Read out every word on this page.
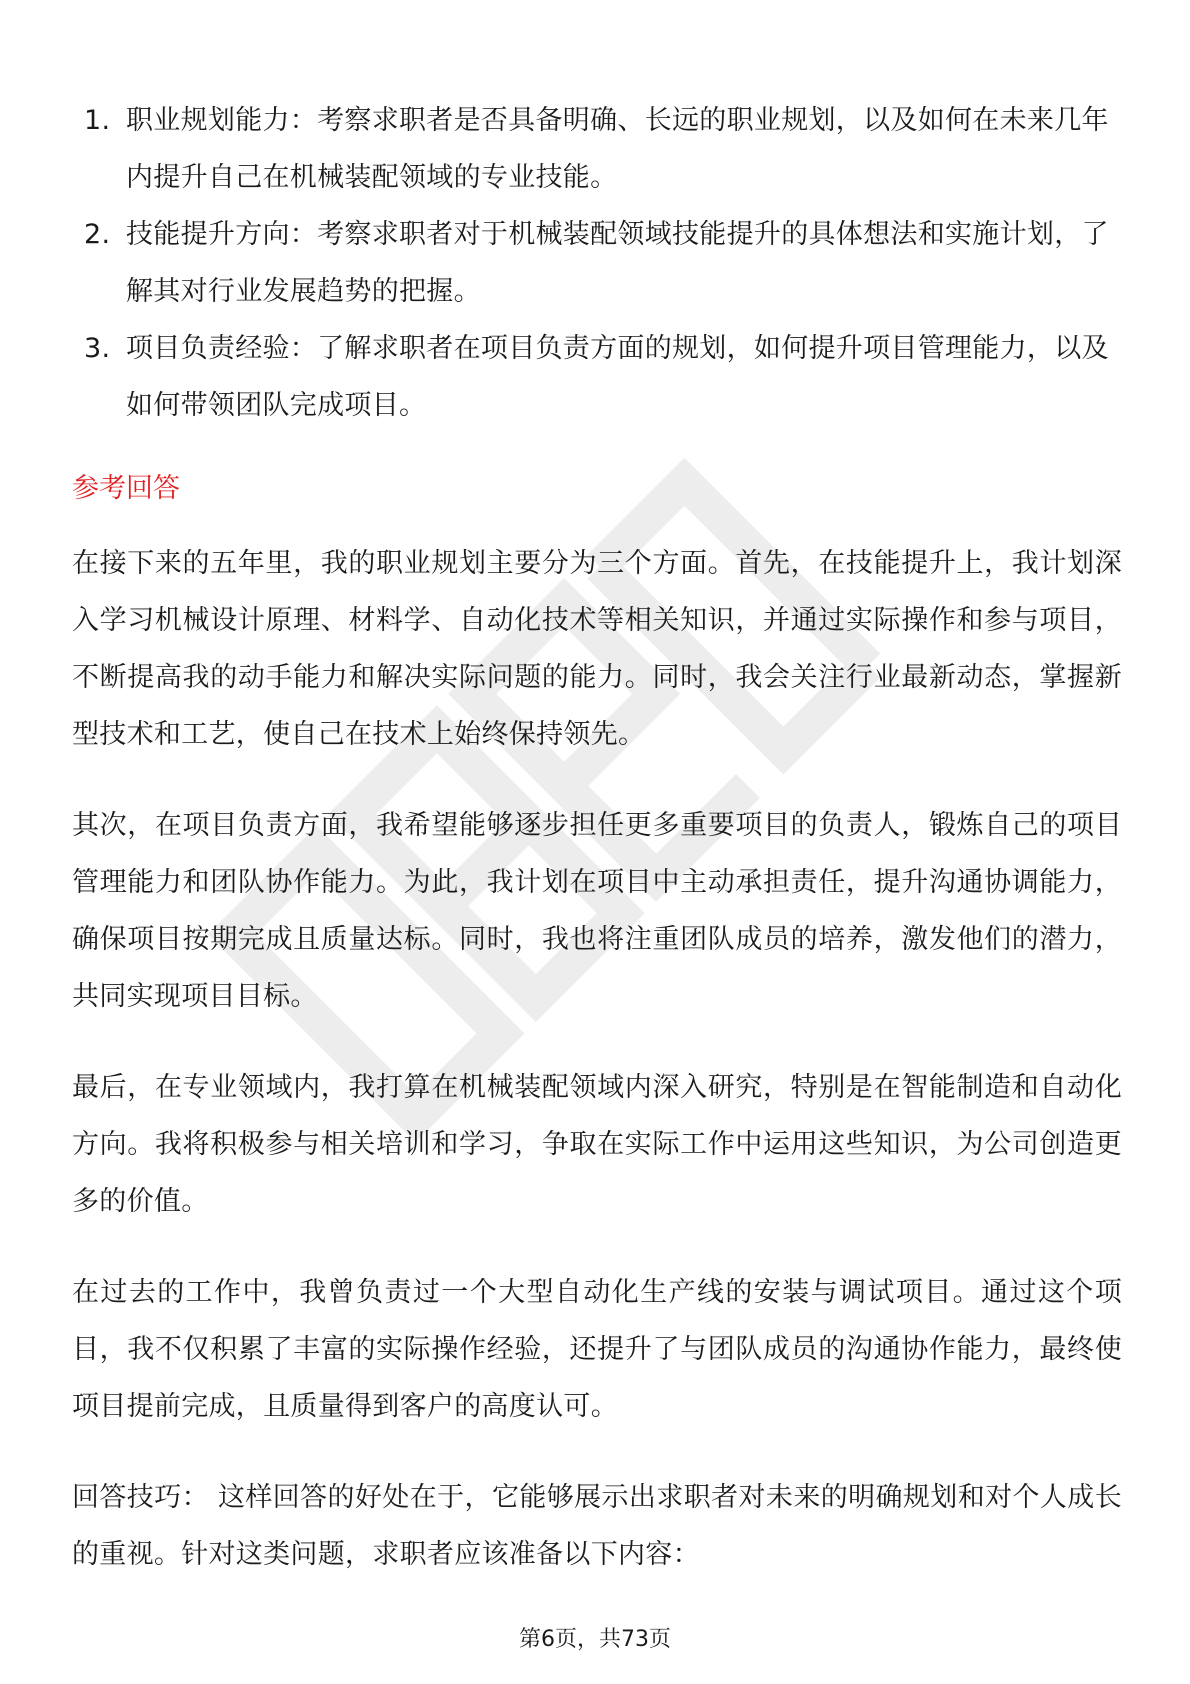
1. 职业规划能力：考察求职者是否具备明确、长远的职业规划，以及如何在未来几年内提升自己在机械装配领域的专业技能。
2. 技能提升方向：考察求职者对于机械装配领域技能提升的具体想法和实施计划，了解其对行业发展趋势的把握。
3. 项目负责经验：了解求职者在项目负责方面的规划，如何提升项目管理能力，以及如何带领团队完成项目。
参考回答

在接下来的五年里，我的职业规划主要分为三个方面。首先，在技能提升上，我计划深入学习机械设计原理、材料学、自动化技术等相关知识，并通过实际操作和参与项目，不断提高我的动手能力和解决实际问题的能力。同时，我会关注行业最新动态，掌握新型技术和工艺，使自己在技术上始终保持领先。

其次，在项目负责方面，我希望能够逐步担任更多重要项目的负责人，锻炼自己的项目管理能力和团队协作能力。为此，我计划在项目中主动承担责任，提升沟通协调能力，确保项目按期完成且质量达标。同时，我也将注重团队成员的培养，激发他们的潜力，共同实现项目目标。

最后，在专业领域内，我打算在机械装配领域内深入研究，特别是在智能制造和自动化方向。我将积极参与相关培训和学习，争取在实际工作中运用这些知识，为公司创造更多的价值。

在过去的工作中，我曾负责过一个大型自动化生产线的安装与调试项目。通过这个项目，我不仅积累了丰富的实际操作经验，还提升了与团队成员的沟通协作能力，最终使项目提前完成，且质量得到客户的高度认可。

回答技巧： 这样回答的好处在于，它能够展示出求职者对未来的明确规划和对个人成长的重视。针对这类问题，求职者应该准备以下内容：

第6页，共73页
